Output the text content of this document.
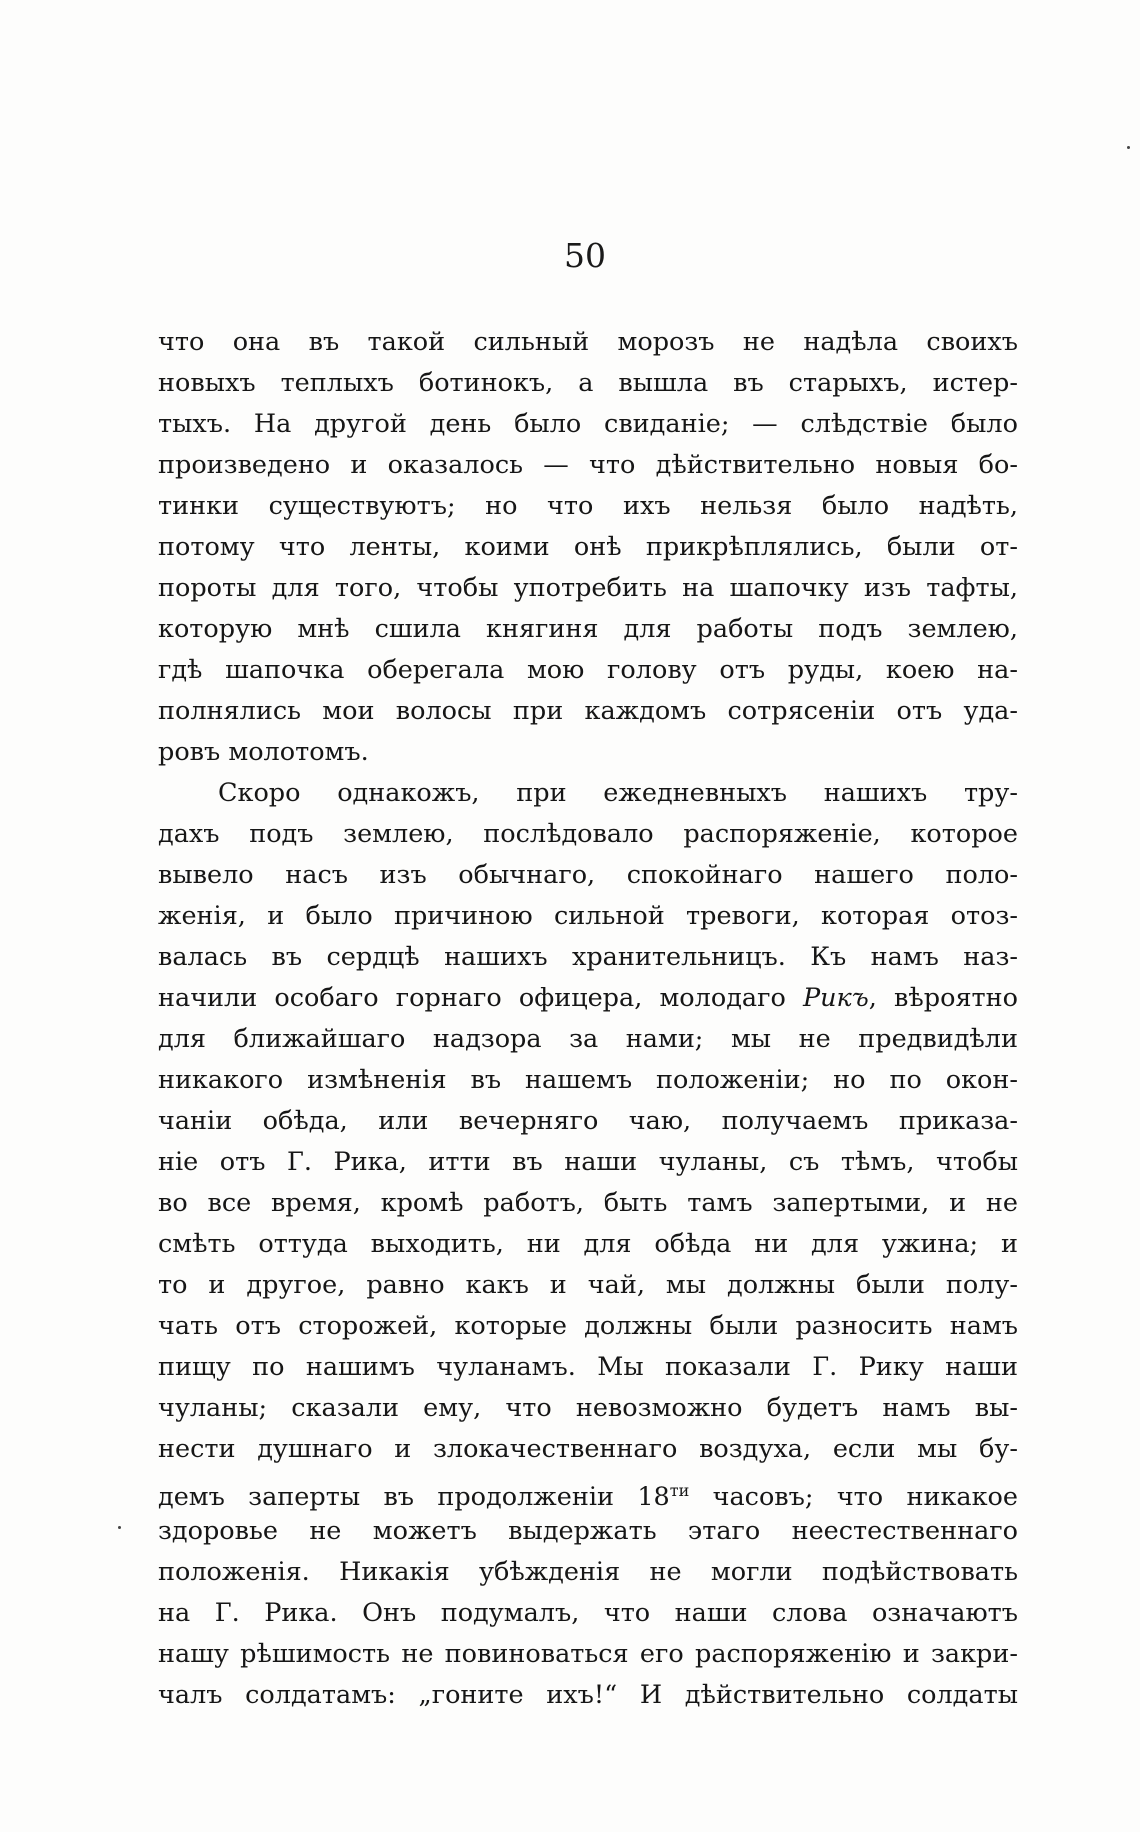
50
что она въ такой сильный морозъ не надѣла своихъ
новыхъ теплыхъ ботинокъ, а вышла въ старыхъ, истер-
тыхъ. На другой день было свиданіе; — слѣдствіе было
произведено и оказалось — что дѣйствительно новыя бо-
тинки существуютъ; но что ихъ нельзя было надѣть,
потому что ленты, коими онѣ прикрѣплялись, были от-
пороты для того, чтобы употребить на шапочку изъ тафты,
которую мнѣ сшила княгиня для работы подъ землею,
гдѣ шапочка оберегала мою голову отъ руды, коею на-
полнялись мои волосы при каждомъ сотрясеніи отъ уда-
ровъ молотомъ.
Скоро однакожъ, при ежедневныхъ нашихъ тру-
дахъ подъ землею, послѣдовало распоряженіе, которое
вывело насъ изъ обычнаго, спокойнаго нашего поло-
женія, и было причиною сильной тревоги, которая отоз-
валась въ сердцѣ нашихъ хранительницъ. Къ намъ наз-
начили особаго горнаго офицера, молодаго Рикъ, вѣроятно
для ближайшаго надзора за нами; мы не предвидѣли
никакого измѣненія въ нашемъ положеніи; но по окон-
чаніи обѣда, или вечерняго чаю, получаемъ приказа-
ніе отъ Г. Рика, итти въ наши чуланы, съ тѣмъ, чтобы
во все время, кромѣ работъ, быть тамъ запертыми, и не
смѣть оттуда выходить, ни для обѣда ни для ужина; и
то и другое, равно какъ и чай, мы должны были полу-
чать отъ сторожей, которые должны были разносить намъ
пищу по нашимъ чуланамъ. Мы показали Г. Рику наши
чуланы; сказали ему, что невозможно будетъ намъ вы-
нести душнаго и злокачественнаго воздуха, если мы бу-
демъ заперты въ продолженіи $18^{ти}$ часовъ; что никакое
здоровье не можетъ выдержать этаго неестественнаго
положенія. Никакія убѣжденія не могли подѣйствовать
на Г. Рика. Онъ подумалъ, что наши слова означаютъ
нашу рѣшимость не повиноваться его распоряженію и закри-
чалъ солдатамъ: „гоните ихъ!“ И дѣйствительно солдаты
